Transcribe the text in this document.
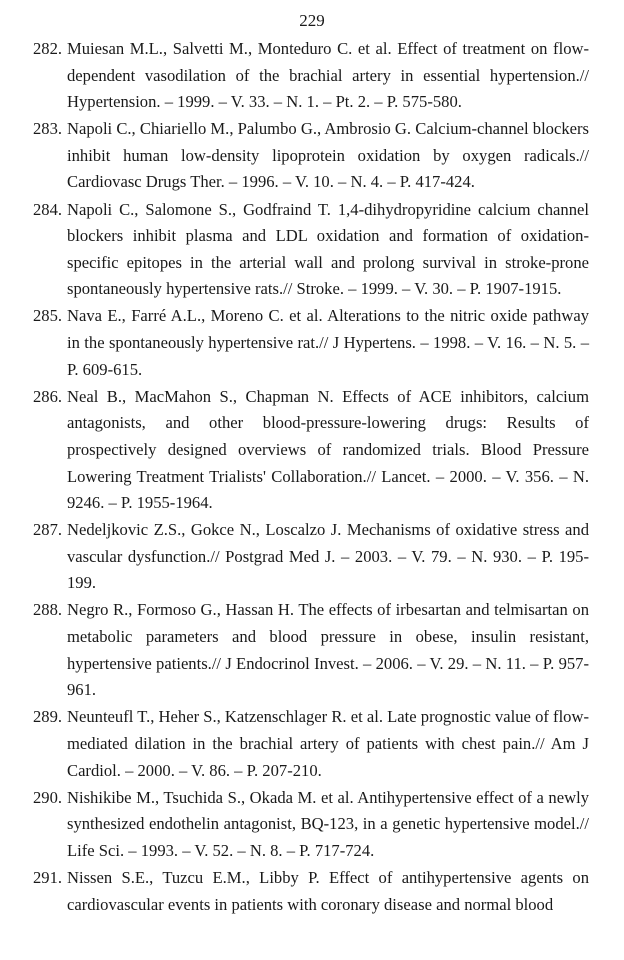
229
282. Muiesan M.L., Salvetti M., Monteduro C. et al. Effect of treatment on flow-dependent vasodilation of the brachial artery in essential hypertension.// Hypertension. – 1999. – V. 33. – N. 1. – Pt. 2. – P. 575-580.
283. Napoli C., Chiariello M., Palumbo G., Ambrosio G. Calcium-channel blockers inhibit human low-density lipoprotein oxidation by oxygen radicals.// Cardiovasc Drugs Ther. – 1996. – V. 10. – N. 4. – P. 417-424.
284. Napoli C., Salomone S., Godfraind T. 1,4-dihydropyridine calcium channel blockers inhibit plasma and LDL oxidation and formation of oxidation-specific epitopes in the arterial wall and prolong survival in stroke-prone spontaneously hypertensive rats.// Stroke. – 1999. – V. 30. – P. 1907-1915.
285. Nava E., Farré A.L., Moreno C. et al. Alterations to the nitric oxide pathway in the spontaneously hypertensive rat.// J Hypertens. – 1998. – V. 16. – N. 5. – P. 609-615.
286. Neal B., MacMahon S., Chapman N. Effects of ACE inhibitors, calcium antagonists, and other blood-pressure-lowering drugs: Results of prospectively designed overviews of randomized trials. Blood Pressure Lowering Treatment Trialists' Collaboration.// Lancet. – 2000. – V. 356. – N. 9246. – P. 1955-1964.
287. Nedeljkovic Z.S., Gokce N., Loscalzo J. Mechanisms of oxidative stress and vascular dysfunction.// Postgrad Med J. – 2003. – V. 79. – N. 930. – P. 195-199.
288. Negro R., Formoso G., Hassan H. The effects of irbesartan and telmisartan on metabolic parameters and blood pressure in obese, insulin resistant, hypertensive patients.// J Endocrinol Invest. – 2006. – V. 29. – N. 11. – P. 957-961.
289. Neunteufl T., Heher S., Katzenschlager R. et al. Late prognostic value of flow-mediated dilation in the brachial artery of patients with chest pain.// Am J Cardiol. – 2000. – V. 86. – P. 207-210.
290. Nishikibe M., Tsuchida S., Okada M. et al. Antihypertensive effect of a newly synthesized endothelin antagonist, BQ-123, in a genetic hypertensive model.// Life Sci. – 1993. – V. 52. – N. 8. – P. 717-724.
291. Nissen S.E., Tuzcu E.M., Libby P. Effect of antihypertensive agents on cardiovascular events in patients with coronary disease and normal blood
